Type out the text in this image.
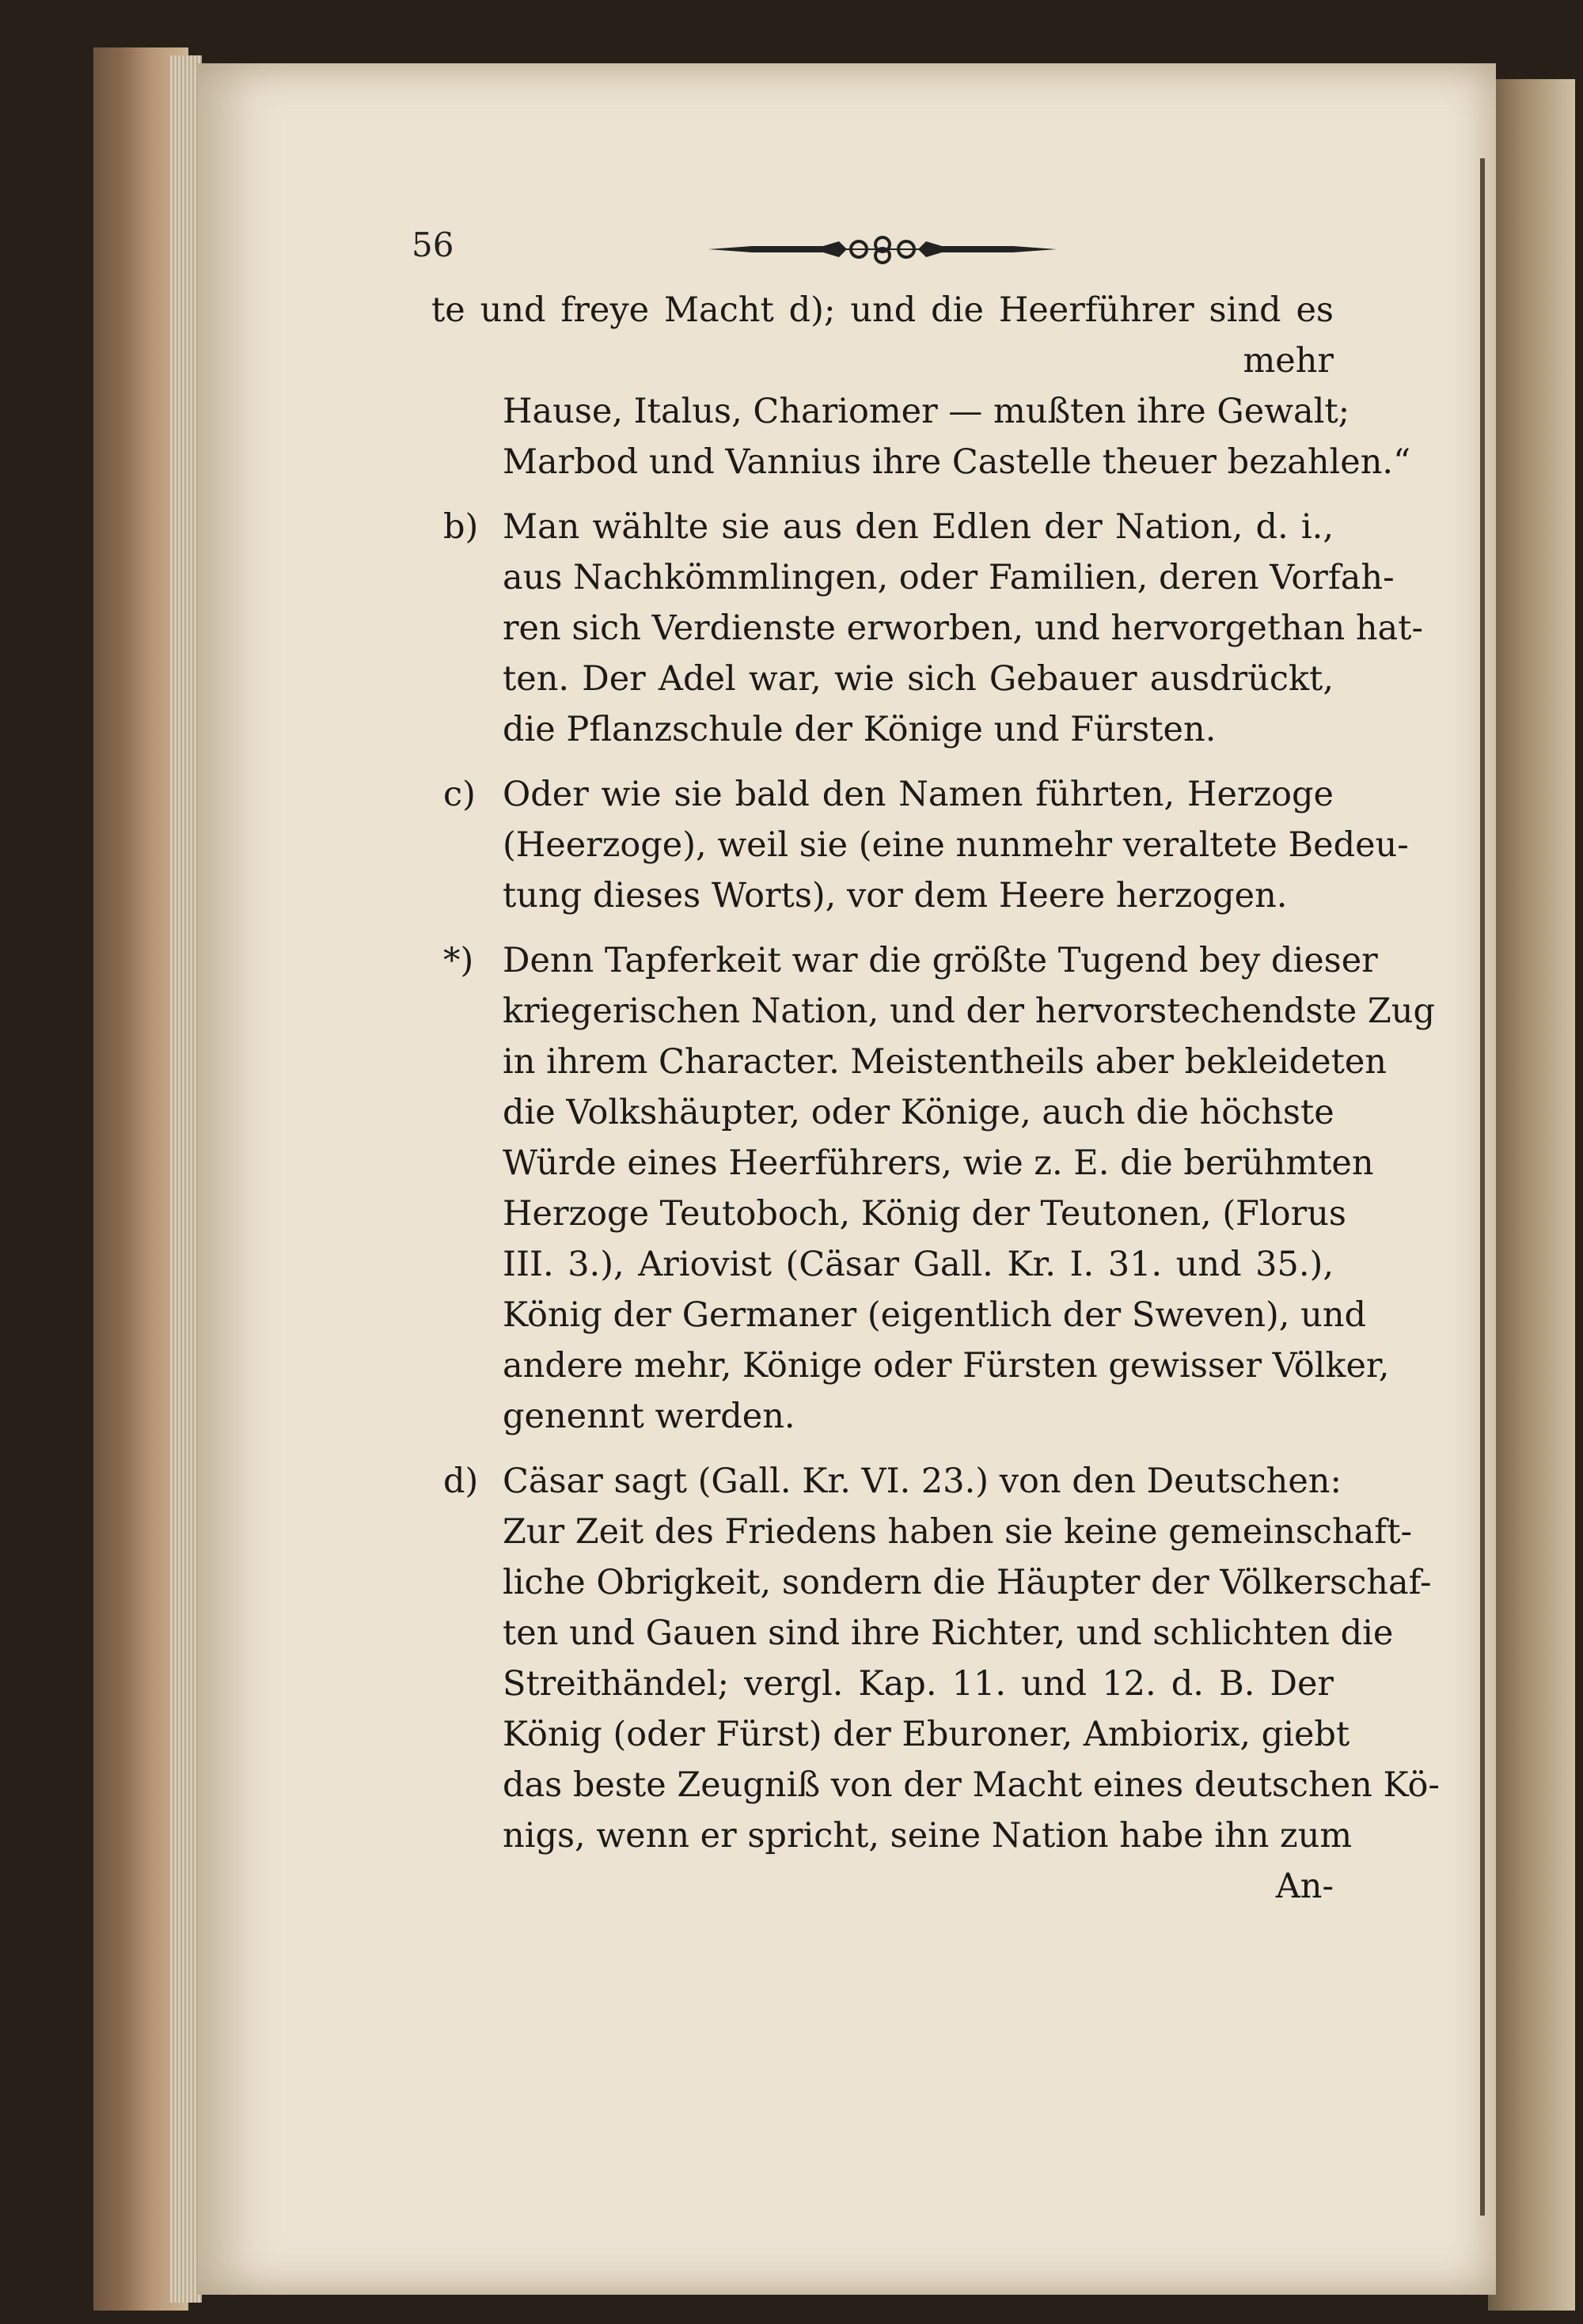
56
te und freye Macht d); und die Heerführer sind es
mehr
Hause, Italus, Chariomer — mußten ihre Gewalt;
Marbod und Vannius ihre Castelle theuer bezahlen.“
b) Man wählte sie aus den Edlen der Nation, d. i.,
aus Nachkömmlingen, oder Familien, deren Vorfah-
ren sich Verdienste erworben, und hervorgethan hat-
ten. Der Adel war, wie sich Gebauer ausdrückt,
die Pflanzschule der Könige und Fürsten.
c) Oder wie sie bald den Namen führten, Herzoge
(Heerzoge), weil sie (eine nunmehr veraltete Bedeu-
tung dieses Worts), vor dem Heere herzogen.
*) Denn Tapferkeit war die größte Tugend bey dieser
kriegerischen Nation, und der hervorstechendste Zug
in ihrem Character. Meistentheils aber bekleideten
die Volkshäupter, oder Könige, auch die höchste
Würde eines Heerführers, wie z. E. die berühmten
Herzoge Teutoboch, König der Teutonen, (Florus
III. 3.), Ariovist (Cäsar Gall. Kr. I. 31. und 35.),
König der Germaner (eigentlich der Sweven), und
andere mehr, Könige oder Fürsten gewisser Völker,
genennt werden.
d) Cäsar sagt (Gall. Kr. VI. 23.) von den Deutschen:
Zur Zeit des Friedens haben sie keine gemeinschaft-
liche Obrigkeit, sondern die Häupter der Völkerschaf-
ten und Gauen sind ihre Richter, und schlichten die
Streithändel; vergl. Kap. 11. und 12. d. B. Der
König (oder Fürst) der Eburoner, Ambiorix, giebt
das beste Zeugniß von der Macht eines deutschen Kö-
nigs, wenn er spricht, seine Nation habe ihn zum
An-
